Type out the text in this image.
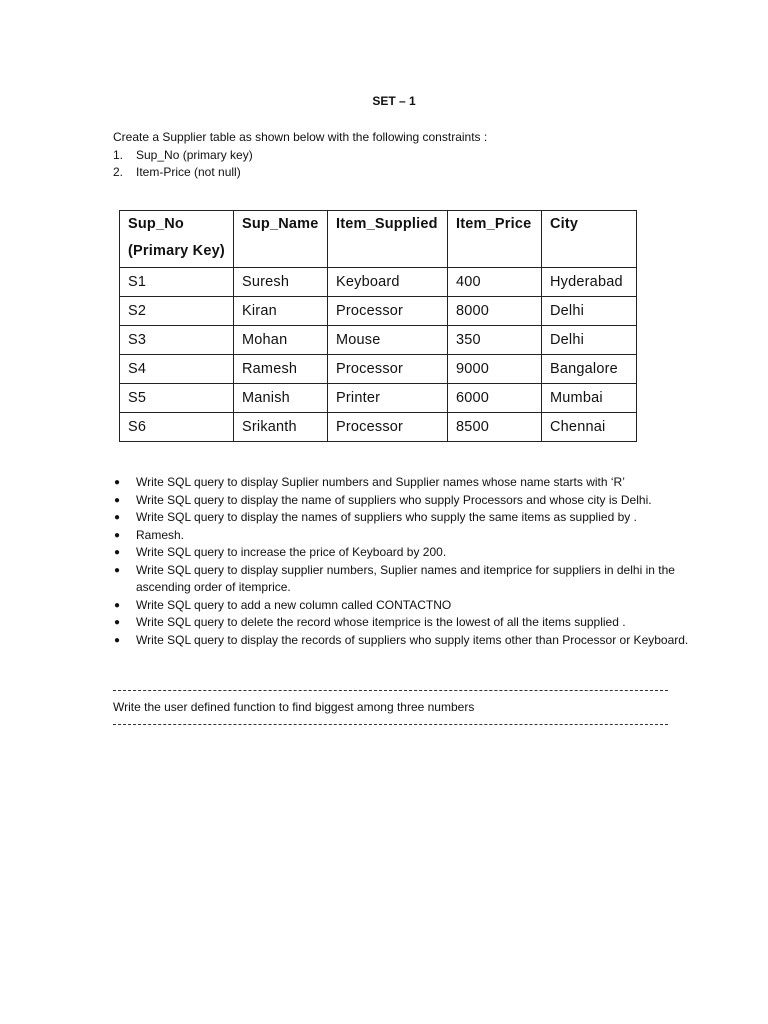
SET – 1
Create a Supplier table as shown below with the following constraints :
1.	Sup_No (primary key)
2.	Item-Price (not null)
Sup_No
(Primary Key)	Sup_Name	Item_Supplied	Item_Price	City

S1	Suresh	Keyboard	400	Hyderabad
S2	Kiran	Processor	8000	Delhi
S3	Mohan	Mouse	350	Delhi
S4	Ramesh	Processor	9000	Bangalore
S5	Manish	Printer	6000	Mumbai
S6	Srikanth	Processor	8500	Chennai
● Write SQL query to display Suplier numbers and Supplier names whose name starts with ‘R’
● Write SQL query to display the name of suppliers who supply Processors and whose city is Delhi.
● Write SQL query to display the names of suppliers who supply the same items as supplied by .
● Ramesh.
● Write SQL query to increase the price of Keyboard by 200.
● Write SQL query to display supplier numbers, Suplier names and itemprice for suppliers in delhi in the ascending order of itemprice.
● Write SQL query to add a new column called CONTACTNO
● Write SQL query to delete the record whose itemprice is the lowest of all the items supplied .
● Write SQL query to display the records of suppliers who supply items other than Processor or Keyboard.
Write the user defined function to find biggest among three numbers
